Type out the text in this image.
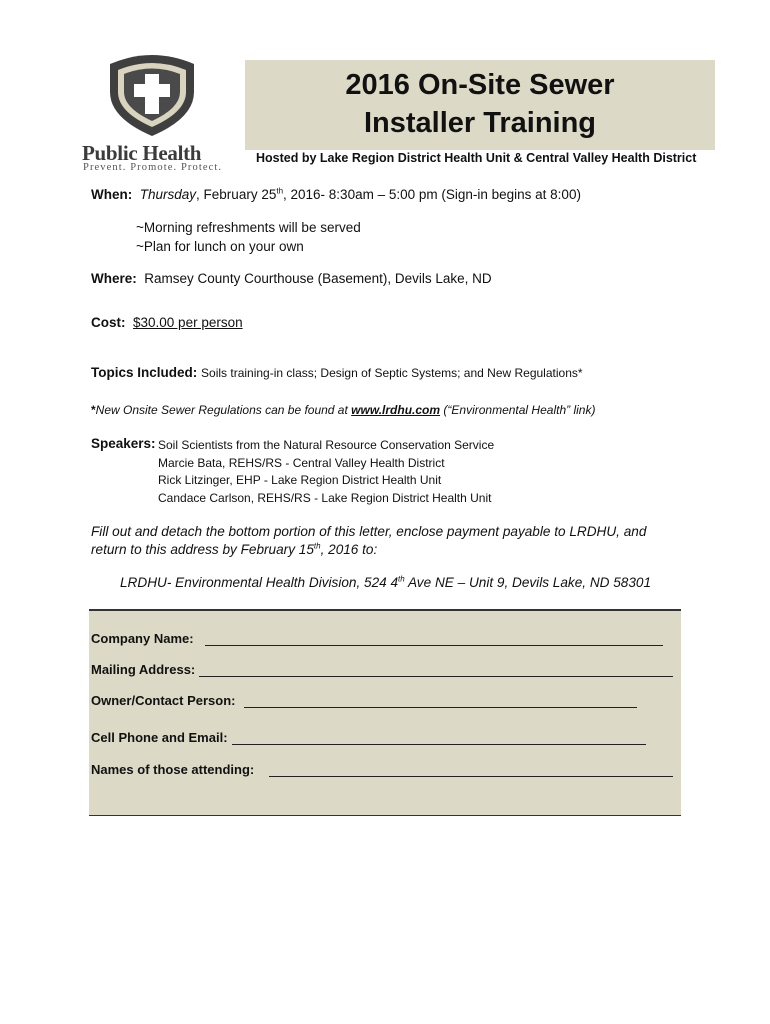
Public Health
Prevent. Promote. Protect.
2016 On-Site Sewer
Installer Training
Hosted by Lake Region District Health Unit & Central Valley Health District
When: Thursday, February 25th, 2016- 8:30am – 5:00 pm (Sign-in begins at 8:00)
~Morning refreshments will be served
~Plan for lunch on your own
Where: Ramsey County Courthouse (Basement), Devils Lake, ND
Cost: $30.00 per person
Topics Included: Soils training-in class; Design of Septic Systems; and New Regulations*
*New Onsite Sewer Regulations can be found at www.lrdhu.com (“Environmental Health” link)
Speakers: Soil Scientists from the Natural Resource Conservation Service
Marcie Bata, REHS/RS - Central Valley Health District
Rick Litzinger, EHP - Lake Region District Health Unit
Candace Carlson, REHS/RS - Lake Region District Health Unit
Fill out and detach the bottom portion of this letter, enclose payment payable to LRDHU, and
return to this address by February 15th, 2016 to:
LRDHU- Environmental Health Division, 524 4th Ave NE – Unit 9, Devils Lake, ND 58301
Company Name:
Mailing Address:
Owner/Contact Person:
Cell Phone and Email:
Names of those attending:
